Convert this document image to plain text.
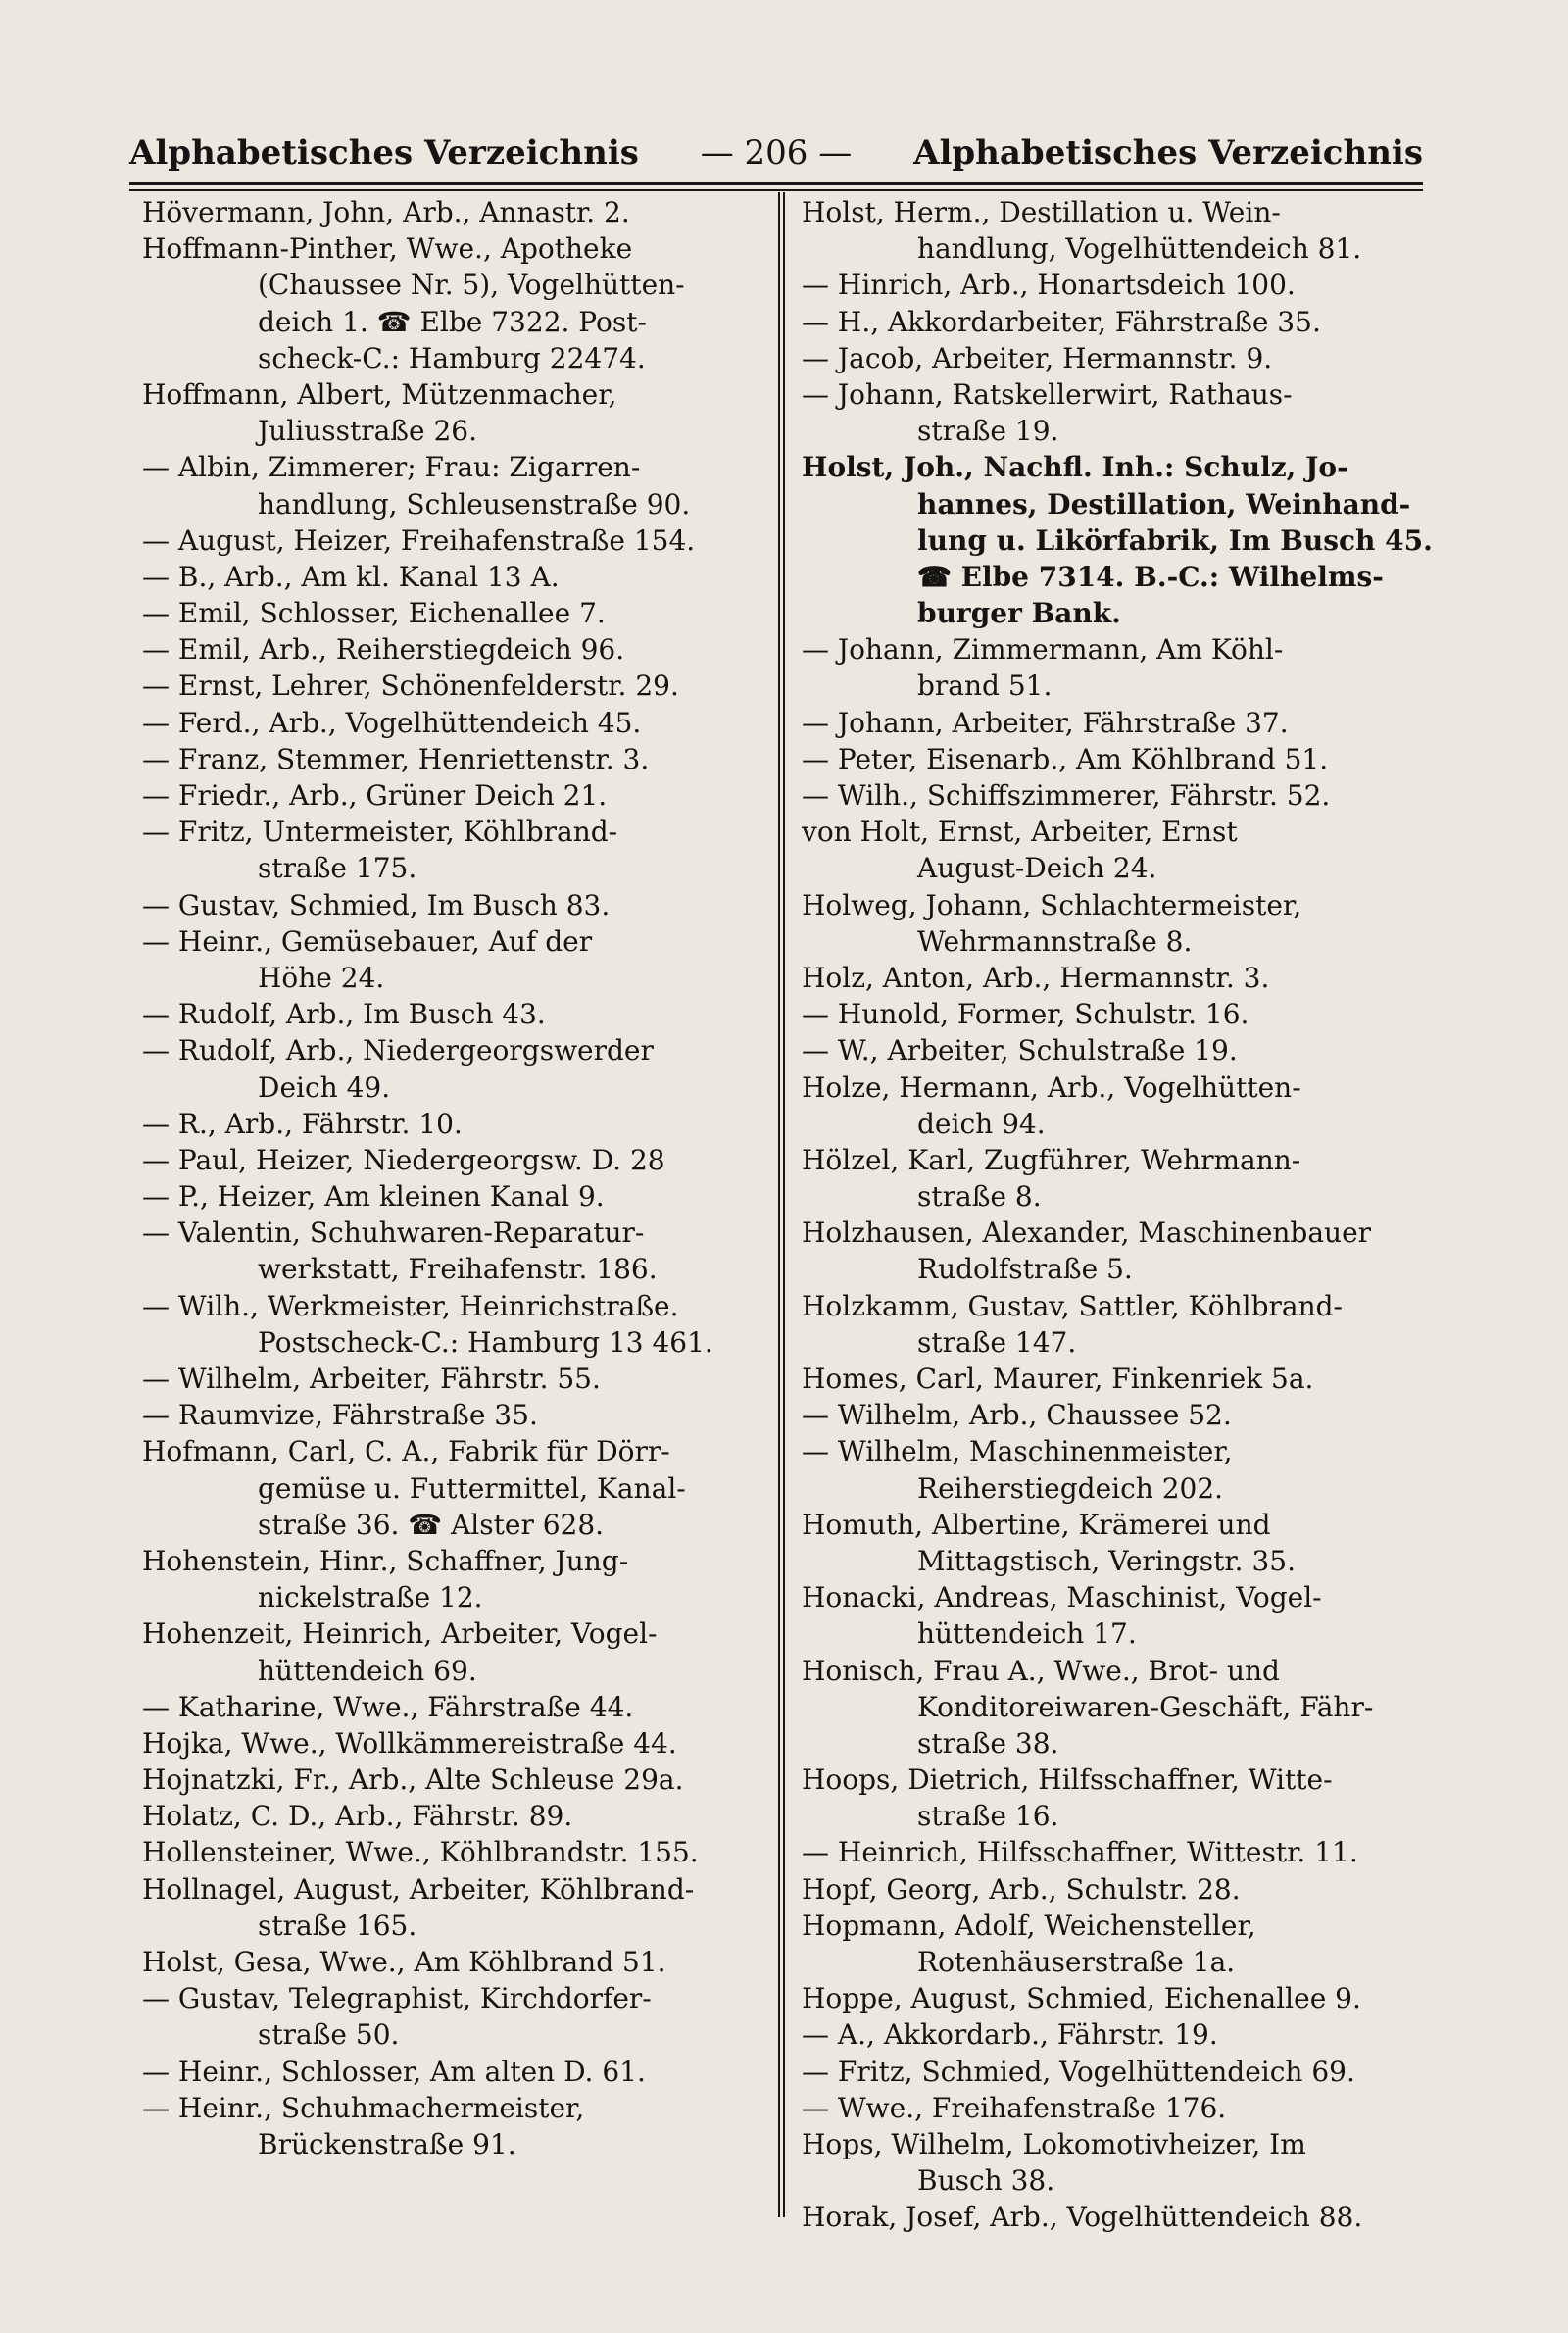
Alphabetisches Verzeichnis	— 206 —	Alphabetisches Verzeichnis
Hövermann, John, Arb., Annastr. 2.
Hoffmann-Pinther, Wwe., Apotheke
(Chaussee Nr. 5), Vogelhütten-
deich 1. ☎ Elbe 7322. Post-
scheck-C.: Hamburg 22474.
Hoffmann, Albert, Mützenmacher,
Juliusstraße 26.
— Albin, Zimmerer; Frau: Zigarren-
handlung, Schleusenstraße 90.
— August, Heizer, Freihafenstraße 154.
— B., Arb., Am kl. Kanal 13 A.
— Emil, Schlosser, Eichenallee 7.
— Emil, Arb., Reiherstiegdeich 96.
— Ernst, Lehrer, Schönenfelderstr. 29.
— Ferd., Arb., Vogelhüttendeich 45.
— Franz, Stemmer, Henriettenstr. 3.
— Friedr., Arb., Grüner Deich 21.
— Fritz, Untermeister, Köhlbrand-
straße 175.
— Gustav, Schmied, Im Busch 83.
— Heinr., Gemüsebauer, Auf der
Höhe 24.
— Rudolf, Arb., Im Busch 43.
— Rudolf, Arb., Niedergeorgswerder
Deich 49.
— R., Arb., Fährstr. 10.
— Paul, Heizer, Niedergeorgsw. D. 28
— P., Heizer, Am kleinen Kanal 9.
— Valentin, Schuhwaren-Reparatur-
werkstatt, Freihafenstr. 186.
— Wilh., Werkmeister, Heinrichstraße.
Postscheck-C.: Hamburg 13 461.
— Wilhelm, Arbeiter, Fährstr. 55.
— Raumvize, Fährstraße 35.
Hofmann, Carl, C. A., Fabrik für Dörr-
gemüse u. Futtermittel, Kanal-
straße 36. ☎ Alster 628.
Hohenstein, Hinr., Schaffner, Jung-
nickelstraße 12.
Hohenzeit, Heinrich, Arbeiter, Vogel-
hüttendeich 69.
— Katharine, Wwe., Fährstraße 44.
Hojka, Wwe., Wollkämmereistraße 44.
Hojnatzki, Fr., Arb., Alte Schleuse 29a.
Holatz, C. D., Arb., Fährstr. 89.
Hollensteiner, Wwe., Köhlbrandstr. 155.
Hollnagel, August, Arbeiter, Köhlbrand-
straße 165.
Holst, Gesa, Wwe., Am Köhlbrand 51.
— Gustav, Telegraphist, Kirchdorfer-
straße 50.
— Heinr., Schlosser, Am alten D. 61.
— Heinr., Schuhmachermeister,
Brückenstraße 91.
Holst, Herm., Destillation u. Wein-
handlung, Vogelhüttendeich 81.
— Hinrich, Arb., Honartsdeich 100.
— H., Akkordarbeiter, Fährstraße 35.
— Jacob, Arbeiter, Hermannstr. 9.
— Johann, Ratskellerwirt, Rathaus-
straße 19.
Holst, Joh., Nachfl. Inh.: Schulz, Jo-
hannes, Destillation, Weinhand-
lung u. Likörfabrik, Im Busch 45.
☎ Elbe 7314. B.-C.: Wilhelms-
burger Bank.
— Johann, Zimmermann, Am Köhl-
brand 51.
— Johann, Arbeiter, Fährstraße 37.
— Peter, Eisenarb., Am Köhlbrand 51.
— Wilh., Schiffszimmerer, Fährstr. 52.
von Holt, Ernst, Arbeiter, Ernst
August-Deich 24.
Holweg, Johann, Schlachtermeister,
Wehrmannstraße 8.
Holz, Anton, Arb., Hermannstr. 3.
— Hunold, Former, Schulstr. 16.
— W., Arbeiter, Schulstraße 19.
Holze, Hermann, Arb., Vogelhütten-
deich 94.
Hölzel, Karl, Zugführer, Wehrmann-
straße 8.
Holzhausen, Alexander, Maschinenbauer
Rudolfstraße 5.
Holzkamm, Gustav, Sattler, Köhlbrand-
straße 147.
Homes, Carl, Maurer, Finkenriek 5a.
— Wilhelm, Arb., Chaussee 52.
— Wilhelm, Maschinenmeister,
Reiherstiegdeich 202.
Homuth, Albertine, Krämerei und
Mittagstisch, Veringstr. 35.
Honacki, Andreas, Maschinist, Vogel-
hüttendeich 17.
Honisch, Frau A., Wwe., Brot- und
Konditoreiwaren-Geschäft, Fähr-
straße 38.
Hoops, Dietrich, Hilfsschaffner, Witte-
straße 16.
— Heinrich, Hilfsschaffner, Wittestr. 11.
Hopf, Georg, Arb., Schulstr. 28.
Hopmann, Adolf, Weichensteller,
Rotenhäuserstraße 1a.
Hoppe, August, Schmied, Eichenallee 9.
— A., Akkordarb., Fährstr. 19.
— Fritz, Schmied, Vogelhüttendeich 69.
— Wwe., Freihafenstraße 176.
Hops, Wilhelm, Lokomotivheizer, Im
Busch 38.
Horak, Josef, Arb., Vogelhüttendeich 88.
